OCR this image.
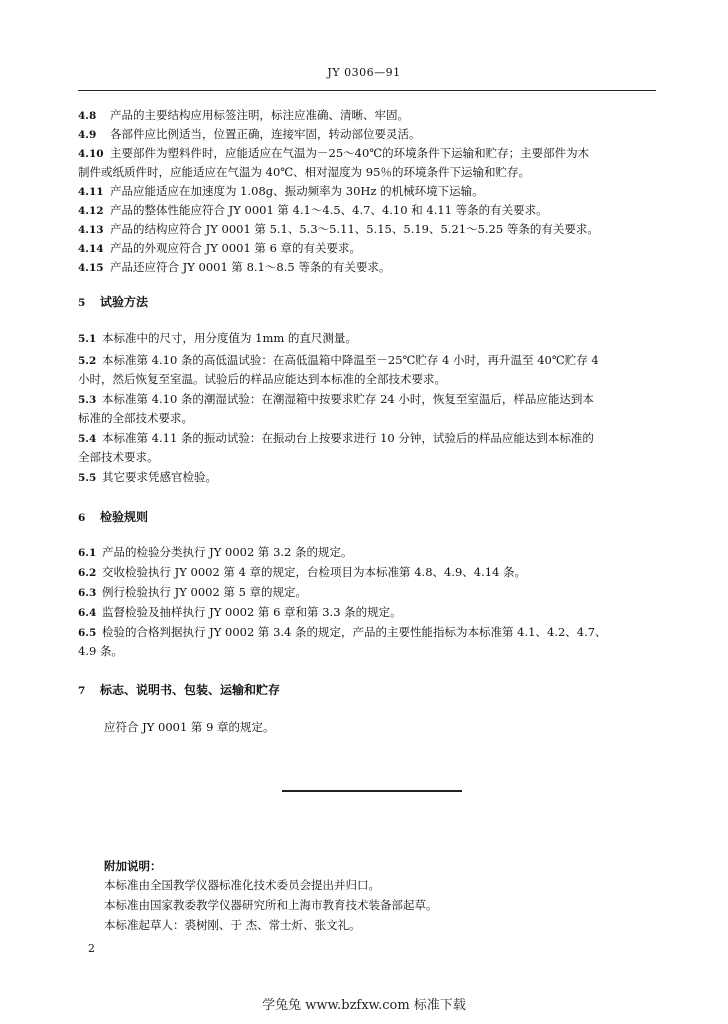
JY 0306—91
4.8 产品的主要结构应用标签注明，标注应准确、清晰、牢固。
4.9 各部件应比例适当，位置正确，连接牢固，转动部位要灵活。
4.10 主要部件为塑料件时，应能适应在气温为－25～40℃的环境条件下运输和贮存；主要部件为木
制件或纸质件时，应能适应在气温为 40℃、相对湿度为 95％的环境条件下运输和贮存。
4.11 产品应能适应在加速度为 1.08g、振动频率为 30Hz 的机械环境下运输。
4.12 产品的整体性能应符合 JY 0001 第 4.1～4.5、4.7、4.10 和 4.11 等条的有关要求。
4.13 产品的结构应符合 JY 0001 第 5.1、5.3～5.11、5.15、5.19、5.21～5.25 等条的有关要求。
4.14 产品的外观应符合 JY 0001 第 6 章的有关要求。
4.15 产品还应符合 JY 0001 第 8.1～8.5 等条的有关要求。
5 试验方法
5.1 本标准中的尺寸，用分度值为 1mm 的直尺测量。
5.2 本标准第 4.10 条的高低温试验：在高低温箱中降温至－25℃贮存 4 小时，再升温至 40℃贮存 4
小时，然后恢复至室温。试验后的样品应能达到本标准的全部技术要求。
5.3 本标准第 4.10 条的潮湿试验：在潮湿箱中按要求贮存 24 小时，恢复至室温后，样品应能达到本
标准的全部技术要求。
5.4 本标准第 4.11 条的振动试验：在振动台上按要求进行 10 分钟，试验后的样品应能达到本标准的
全部技术要求。
5.5 其它要求凭感官检验。
6 检验规则
6.1 产品的检验分类执行 JY 0002 第 3.2 条的规定。
6.2 交收检验执行 JY 0002 第 4 章的规定，台检项目为本标准第 4.8、4.9、4.14 条。
6.3 例行检验执行 JY 0002 第 5 章的规定。
6.4 监督检验及抽样执行 JY 0002 第 6 章和第 3.3 条的规定。
6.5 检验的合格判据执行 JY 0002 第 3.4 条的规定，产品的主要性能指标为本标准第 4.1、4.2、4.7、
4.9 条。
7 标志、说明书、包装、运输和贮存
应符合 JY 0001 第 9 章的规定。
附加说明：
本标准由全国教学仪器标准化技术委员会提出并归口。
本标准由国家教委教学仪器研究所和上海市教育技术装备部起草。
本标准起草人：裘树刚、于 杰、常士炘、张文礼。
2
学兔兔 www.bzfxw.com 标准下载
